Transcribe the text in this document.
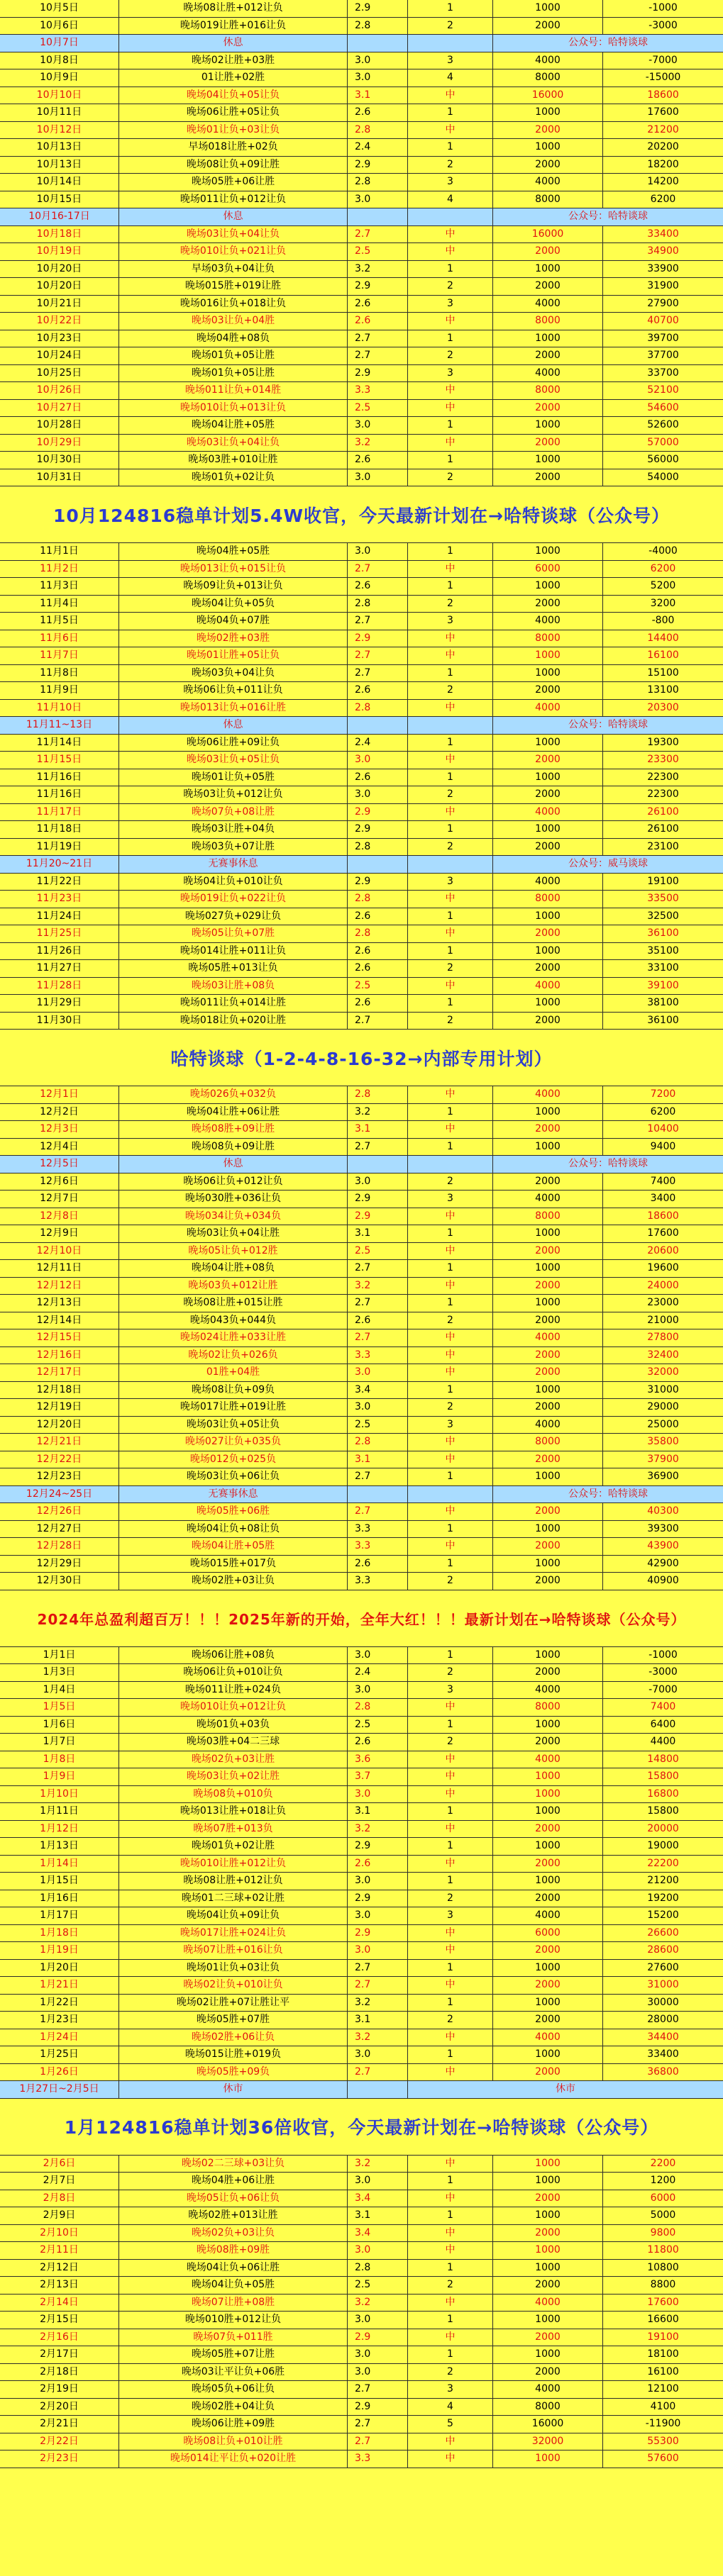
10月5日	晚场08让胜+012让负	2.9	1	1000	-1000
10月6日	晚场019让胜+016让负	2.8	2	2000	-3000
10月7日	休息	公众号：哈特谈球
10月8日	晚场02让胜+03胜	3.0	3	4000	-7000
10月9日	01让胜+02胜	3.0	4	8000	-15000
10月10日	晚场04让负+05让负	3.1	中	16000	18600
10月11日	晚场06让胜+05让负	2.6	1	1000	17600
10月12日	晚场01让负+03让负	2.8	中	2000	21200
10月13日	早场018让胜+02负	2.4	1	1000	20200
10月13日	晚场08让负+09让胜	2.9	2	2000	18200
10月14日	晚场05胜+06让胜	2.8	3	4000	14200
10月15日	晚场011让负+012让负	3.0	4	8000	6200
10月16-17日	休息	公众号：哈特谈球
10月18日	晚场03让负+04让负	2.7	中	16000	33400
10月19日	晚场010让负+021让负	2.5	中	2000	34900
10月20日	早场03负+04让负	3.2	1	1000	33900
10月20日	晚场015胜+019让胜	2.9	2	2000	31900
10月21日	晚场016让负+018让负	2.6	3	4000	27900
10月22日	晚场03让负+04胜	2.6	中	8000	40700
10月23日	晚场04胜+08负	2.7	1	1000	39700
10月24日	晚场01负+05让胜	2.7	2	2000	37700
10月25日	晚场01负+05让胜	2.9	3	4000	33700
10月26日	晚场011让负+014胜	3.3	中	8000	52100
10月27日	晚场010让负+013让负	2.5	中	2000	54600
10月28日	晚场04让胜+05胜	3.0	1	1000	52600
10月29日	晚场03让负+04让负	3.2	中	2000	57000
10月30日	晚场03胜+010让胜	2.6	1	1000	56000
10月31日	晚场01负+02让负	3.0	2	2000	54000
10月124816稳单计划5.4W收官，今天最新计划在→哈特谈球（公众号）
11月1日	晚场04胜+05胜	3.0	1	1000	-4000
11月2日	晚场013让负+015让负	2.7	中	6000	6200
11月3日	晚场09让负+013让负	2.6	1	1000	5200
11月4日	晚场04让负+05负	2.8	2	2000	3200
11月5日	晚场04负+07胜	2.7	3	4000	-800
11月6日	晚场02胜+03胜	2.9	中	8000	14400
11月7日	晚场01让胜+05让负	2.7	中	1000	16100
11月8日	晚场03负+04让负	2.7	1	1000	15100
11月9日	晚场06让负+011让负	2.6	2	2000	13100
11月10日	晚场013让负+016让胜	2.8	中	4000	20300
11月11~13日	休息	公众号：哈特谈球
11月14日	晚场06让胜+09让负	2.4	1	1000	19300
11月15日	晚场03让负+05让负	3.0	中	2000	23300
11月16日	晚场01让负+05胜	2.6	1	1000	22300
11月16日	晚场03让负+012让负	3.0	2	2000	22300
11月17日	晚场07负+08让胜	2.9	中	4000	26100
11月18日	晚场03让胜+04负	2.9	1	1000	26100
11月19日	晚场03负+07让胜	2.8	2	2000	23100
11月20~21日	无赛事休息	公众号：威马谈球
11月22日	晚场04让负+010让负	2.9	3	4000	19100
11月23日	晚场019让负+022让负	2.8	中	8000	33500
11月24日	晚场027负+029让负	2.6	1	1000	32500
11月25日	晚场05让负+07胜	2.8	中	2000	36100
11月26日	晚场014让胜+011让负	2.6	1	1000	35100
11月27日	晚场05胜+013让负	2.6	2	2000	33100
11月28日	晚场03让胜+08负	2.5	中	4000	39100
11月29日	晚场011让负+014让胜	2.6	1	1000	38100
11月30日	晚场018让负+020让胜	2.7	2	2000	36100
哈特谈球（1-2-4-8-16-32→内部专用计划）
12月1日	晚场026负+032负	2.8	中	4000	7200
12月2日	晚场04让胜+06让胜	3.2	1	1000	6200
12月3日	晚场08胜+09让胜	3.1	中	2000	10400
12月4日	晚场08负+09让胜	2.7	1	1000	9400
12月5日	休息	公众号：哈特谈球
12月6日	晚场06让负+012让负	3.0	2	2000	7400
12月7日	晚场030胜+036让负	2.9	3	4000	3400
12月8日	晚场034让负+034负	2.9	中	8000	18600
12月9日	晚场03让负+04让胜	3.1	1	1000	17600
12月10日	晚场05让负+012胜	2.5	中	2000	20600
12月11日	晚场04让胜+08负	2.7	1	1000	19600
12月12日	晚场03负+012让胜	3.2	中	2000	24000
12月13日	晚场08让胜+015让胜	2.7	1	1000	23000
12月14日	晚场043负+044负	2.6	2	2000	21000
12月15日	晚场024让胜+033让胜	2.7	中	4000	27800
12月16日	晚场02让负+026负	3.3	中	2000	32400
12月17日	01胜+04胜	3.0	中	2000	32000
12月18日	晚场08让负+09负	3.4	1	1000	31000
12月19日	晚场017让胜+019让胜	3.0	2	2000	29000
12月20日	晚场03让负+05让负	2.5	3	4000	25000
12月21日	晚场027让负+035负	2.8	中	8000	35800
12月22日	晚场012负+025负	3.1	中	2000	37900
12月23日	晚场03让负+06让负	2.7	1	1000	36900
12月24~25日	无赛事休息	公众号：哈特谈球
12月26日	晚场05胜+06胜	2.7	中	2000	40300
12月27日	晚场04让负+08让负	3.3	1	1000	39300
12月28日	晚场04让胜+05胜	3.3	中	2000	43900
12月29日	晚场015胜+017负	2.6	1	1000	42900
12月30日	晚场02胜+03让负	3.3	2	2000	40900
2024年总盈利超百万！！！2025年新的开始，全年大红！！！最新计划在→哈特谈球（公众号）
1月1日	晚场06让胜+08负	3.0	1	1000	-1000
1月3日	晚场06让负+010让负	2.4	2	2000	-3000
1月4日	晚场011让胜+024负	3.0	3	4000	-7000
1月5日	晚场010让负+012让负	2.8	中	8000	7400
1月6日	晚场01负+03负	2.5	1	1000	6400
1月7日	晚场03胜+04二三球	2.6	2	2000	4400
1月8日	晚场02负+03让胜	3.6	中	4000	14800
1月9日	晚场03让负+02让胜	3.7	中	1000	15800
1月10日	晚场08负+010负	3.0	中	1000	16800
1月11日	晚场013让胜+018让负	3.1	1	1000	15800
1月12日	晚场07胜+013负	3.2	中	2000	20000
1月13日	晚场01负+02让胜	2.9	1	1000	19000
1月14日	晚场010让胜+012让负	2.6	中	2000	22200
1月15日	晚场08让胜+012让负	3.0	1	1000	21200
1月16日	晚场01二三球+02让胜	2.9	2	2000	19200
1月17日	晚场04让负+09让负	3.0	3	4000	15200
1月18日	晚场017让胜+024让负	2.9	中	6000	26600
1月19日	晚场07让胜+016让负	3.0	中	2000	28600
1月20日	晚场01让负+03让负	2.7	1	1000	27600
1月21日	晚场02让负+010让负	2.7	中	2000	31000
1月22日	晚场02让胜+07让胜让平	3.2	1	1000	30000
1月23日	晚场05胜+07胜	3.1	2	2000	28000
1月24日	晚场02胜+06让负	3.2	中	4000	34400
1月25日	晚场015让胜+019负	3.0	1	1000	33400
1月26日	晚场05胜+09负	2.7	中	2000	36800
1月27日~2月5日	休市	休市
1月124816稳单计划36倍收官，今天最新计划在→哈特谈球（公众号）
2月6日	晚场02二三球+03让负	3.2	中	1000	2200
2月7日	晚场04胜+06让胜	3.0	1	1000	1200
2月8日	晚场05让负+06让负	3.4	中	2000	6000
2月9日	晚场02胜+013让胜	3.1	1	1000	5000
2月10日	晚场02负+03让负	3.4	中	2000	9800
2月11日	晚场08胜+09胜	3.0	中	1000	11800
2月12日	晚场04让负+06让胜	2.8	1	1000	10800
2月13日	晚场04让负+05胜	2.5	2	2000	8800
2月14日	晚场07让胜+08胜	3.2	中	4000	17600
2月15日	晚场010胜+012让负	3.0	1	1000	16600
2月16日	晚场07负+011胜	2.9	中	2000	19100
2月17日	晚场05胜+07让胜	3.0	1	1000	18100
2月18日	晚场03让平让负+06胜	3.0	2	2000	16100
2月19日	晚场05负+06让负	2.7	3	4000	12100
2月20日	晚场02胜+04让负	2.9	4	8000	4100
2月21日	晚场06让胜+09胜	2.7	5	16000	-11900
2月22日	晚场08让负+010让胜	2.7	中	32000	55300
2月23日	晚场014让平让负+020让胜	3.3	中	1000	57600
